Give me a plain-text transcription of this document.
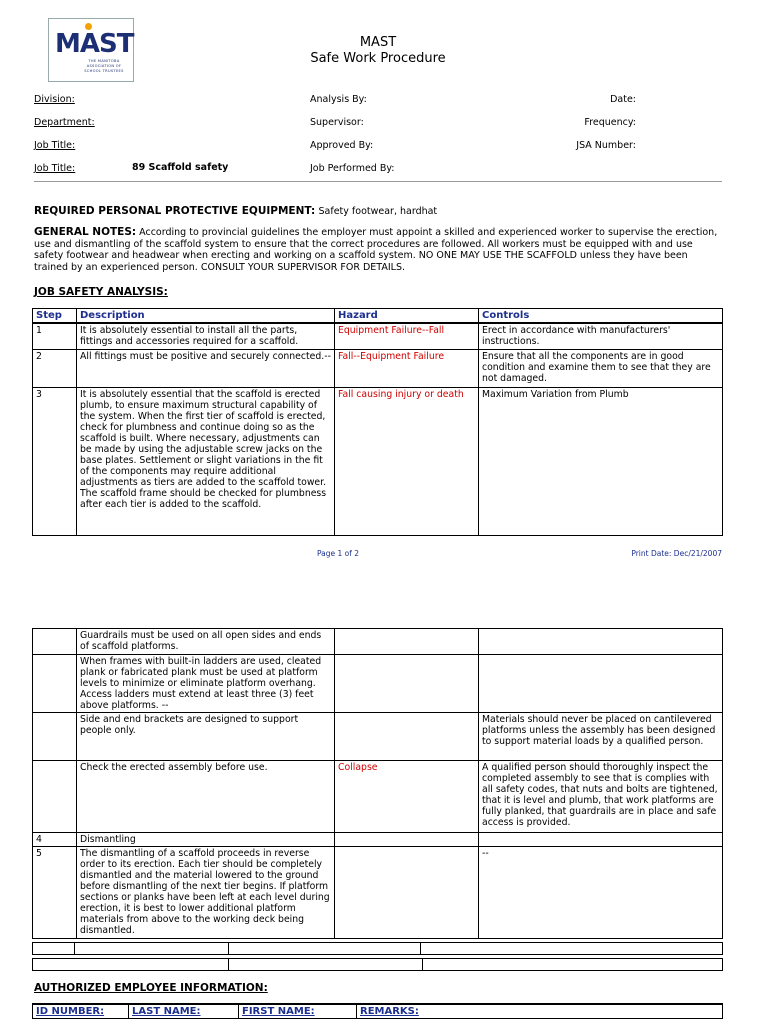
MAST
THE MANITOBA ASSOCIATION OF SCHOOL TRUSTEES
MAST
Safe Work Procedure
Division:
Department:
Job Title:
Job Title:	89 Scaffold safety
Analysis By:
Supervisor:
Approved By:
Job Performed By:
Date:
Frequency:
JSA Number:
REQUIRED PERSONAL PROTECTIVE EQUIPMENT: Safety footwear, hardhat
GENERAL NOTES: According to provincial guidelines the employer must appoint a skilled and experienced worker to supervise the erection, use and dismantling of the scaffold system to ensure that the correct procedures are followed. All workers must be equipped with and use safety footwear and headwear when erecting and working on a scaffold system. NO ONE MAY USE THE SCAFFOLD unless they have been trained by an experienced person. CONSULT YOUR SUPERVISOR FOR DETAILS.
JOB SAFETY ANALYSIS:
Step	Description	Hazard	Controls
1	It is absolutely essential to install all the parts, fittings and accessories required for a scaffold.	Equipment Failure--Fall	Erect in accordance with manufacturers' instructions.
2	All fittings must be positive and securely connected.--	Fall--Equipment Failure	Ensure that all the components are in good condition and examine them to see that they are not damaged.
3	It is absolutely essential that the scaffold is erected plumb, to ensure maximum structural capability of the system. When the first tier of scaffold is erected, check for plumbness and continue doing so as the scaffold is built. Where necessary, adjustments can be made by using the adjustable screw jacks on the base plates. Settlement or slight variations in the fit of the components may require additional adjustments as tiers are added to the scaffold tower. The scaffold frame should be checked for plumbness after each tier is added to the scaffold.	Fall causing injury or death	Maximum Variation from Plumb
Page 1 of 2	Print Date: Dec/21/2007
	Guardrails must be used on all open sides and ends of scaffold platforms.		
	When frames with built-in ladders are used, cleated plank or fabricated plank must be used at platform levels to minimize or eliminate platform overhang. Access ladders must extend at least three (3) feet above platforms. --		
	Side and end brackets are designed to support people only.		Materials should never be placed on cantilevered platforms unless the assembly has been designed to support material loads by a qualified person.
	Check the erected assembly before use.	Collapse	A qualified person should thoroughly inspect the completed assembly to see that is complies with all safety codes, that nuts and bolts are tightened, that it is level and plumb, that work platforms are fully planked, that guardrails are in place and safe access is provided.
4	Dismantling		
5	The dismantling of a scaffold proceeds in reverse order to its erection. Each tier should be completely dismantled and the material lowered to the ground before dismantling of the next tier begins. If platform sections or planks have been left at each level during erection, it is best to lower additional platform materials from above to the working deck being dismantled.		--

AUTHORIZED EMPLOYEE INFORMATION:
ID NUMBER:	LAST NAME:	FIRST NAME:	REMARKS:
